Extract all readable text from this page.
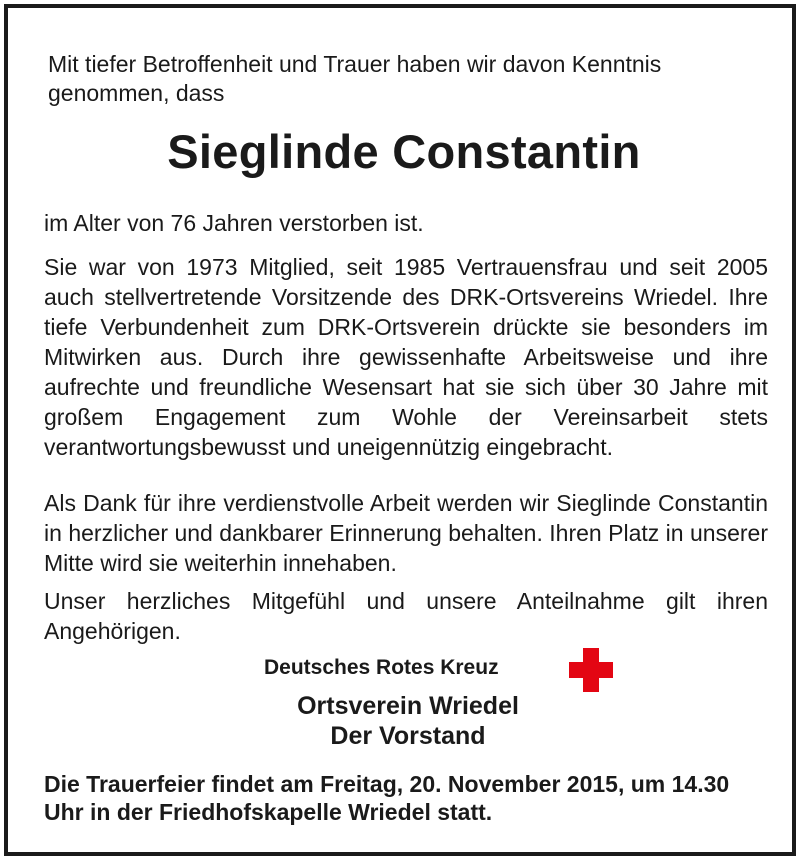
Mit tiefer Betroffenheit und Trauer haben wir davon Kenntnis genommen, dass

Sieglinde Constantin

im Alter von 76 Jahren verstorben ist.

Sie war von 1973 Mitglied, seit 1985 Vertrauensfrau und seit 2005 auch stellvertretende Vorsitzende des DRK-Ortsvereins Wriedel. Ihre tiefe Verbundenheit zum DRK-Ortsverein drückte sie besonders im Mitwirken aus. Durch ihre gewissenhafte Arbeitsweise und ihre aufrechte und freundliche Wesensart hat sie sich über 30 Jahre mit großem Engagement zum Wohle der Vereinsarbeit stets verantwortungsbewusst und uneigennützig eingebracht.

Als Dank für ihre verdienstvolle Arbeit werden wir Sieglinde Constantin in herzlicher und dankbarer Erinnerung behalten. Ihren Platz in unserer Mitte wird sie weiterhin innehaben.

Unser herzliches Mitgefühl und unsere Anteilnahme gilt ihren Angehörigen.

Deutsches Rotes Kreuz

Ortsverein Wriedel

Der Vorstand

Die Trauerfeier findet am Freitag, 20. November 2015, um 14.30 Uhr in der Friedhofskapelle Wriedel statt.
